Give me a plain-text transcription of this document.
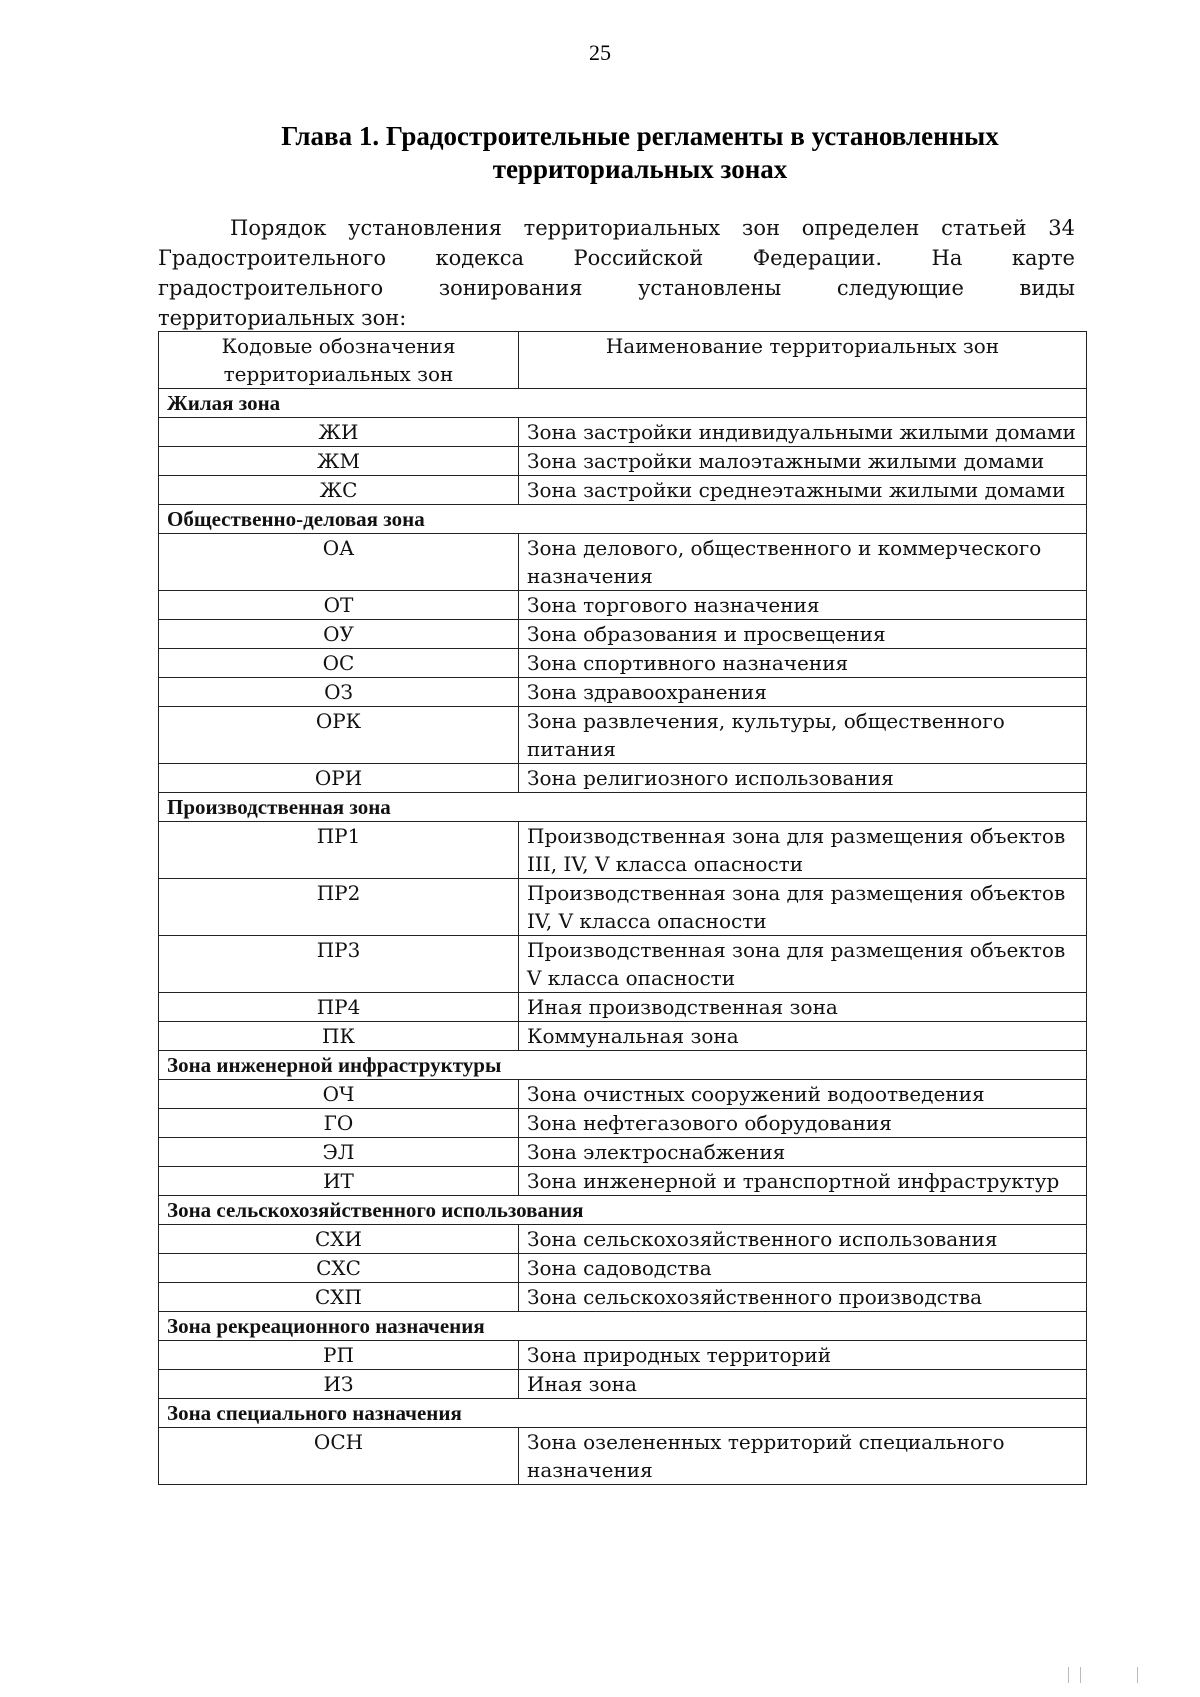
25
Глава 1. Градостроительные регламенты в установленных
территориальных зонах
Порядок установления территориальных зон определен статьей 34 Градостроительного кодекса Российской Федерации. На карте градостроительного зонирования установлены следующие виды территориальных зон:
Кодовые обозначения территориальных зон	Наименование территориальных зон
Жилая зона	
ЖИ	Зона застройки индивидуальными жилыми домами
ЖМ	Зона застройки малоэтажными жилыми домами
ЖС	Зона застройки среднеэтажными жилыми домами
Общественно-деловая зона	
ОА	Зона делового, общественного и коммерческого назначения
ОТ	Зона торгового назначения
ОУ	Зона образования и просвещения
ОС	Зона спортивного назначения
ОЗ	Зона здравоохранения
ОРК	Зона развлечения, культуры, общественного питания
ОРИ	Зона религиозного использования
Производственная зона	
ПР1	Производственная зона для размещения объектов III, IV, V класса опасности
ПР2	Производственная зона для размещения объектов IV, V класса опасности
ПР3	Производственная зона для размещения объектов V класса опасности
ПР4	Иная производственная зона
ПК	Коммунальная зона
Зона инженерной инфраструктуры	
ОЧ	Зона очистных сооружений водоотведения
ГО	Зона нефтегазового оборудования
ЭЛ	Зона электроснабжения
ИТ	Зона инженерной и транспортной инфраструктур
Зона сельскохозяйственного использования	
СХИ	Зона сельскохозяйственного использования
СХС	Зона садоводства
СХП	Зона сельскохозяйственного производства
Зона рекреационного назначения	
РП	Зона природных территорий
ИЗ	Иная зона
Зона специального назначения	
ОСН	Зона озелененных территорий специального назначения
